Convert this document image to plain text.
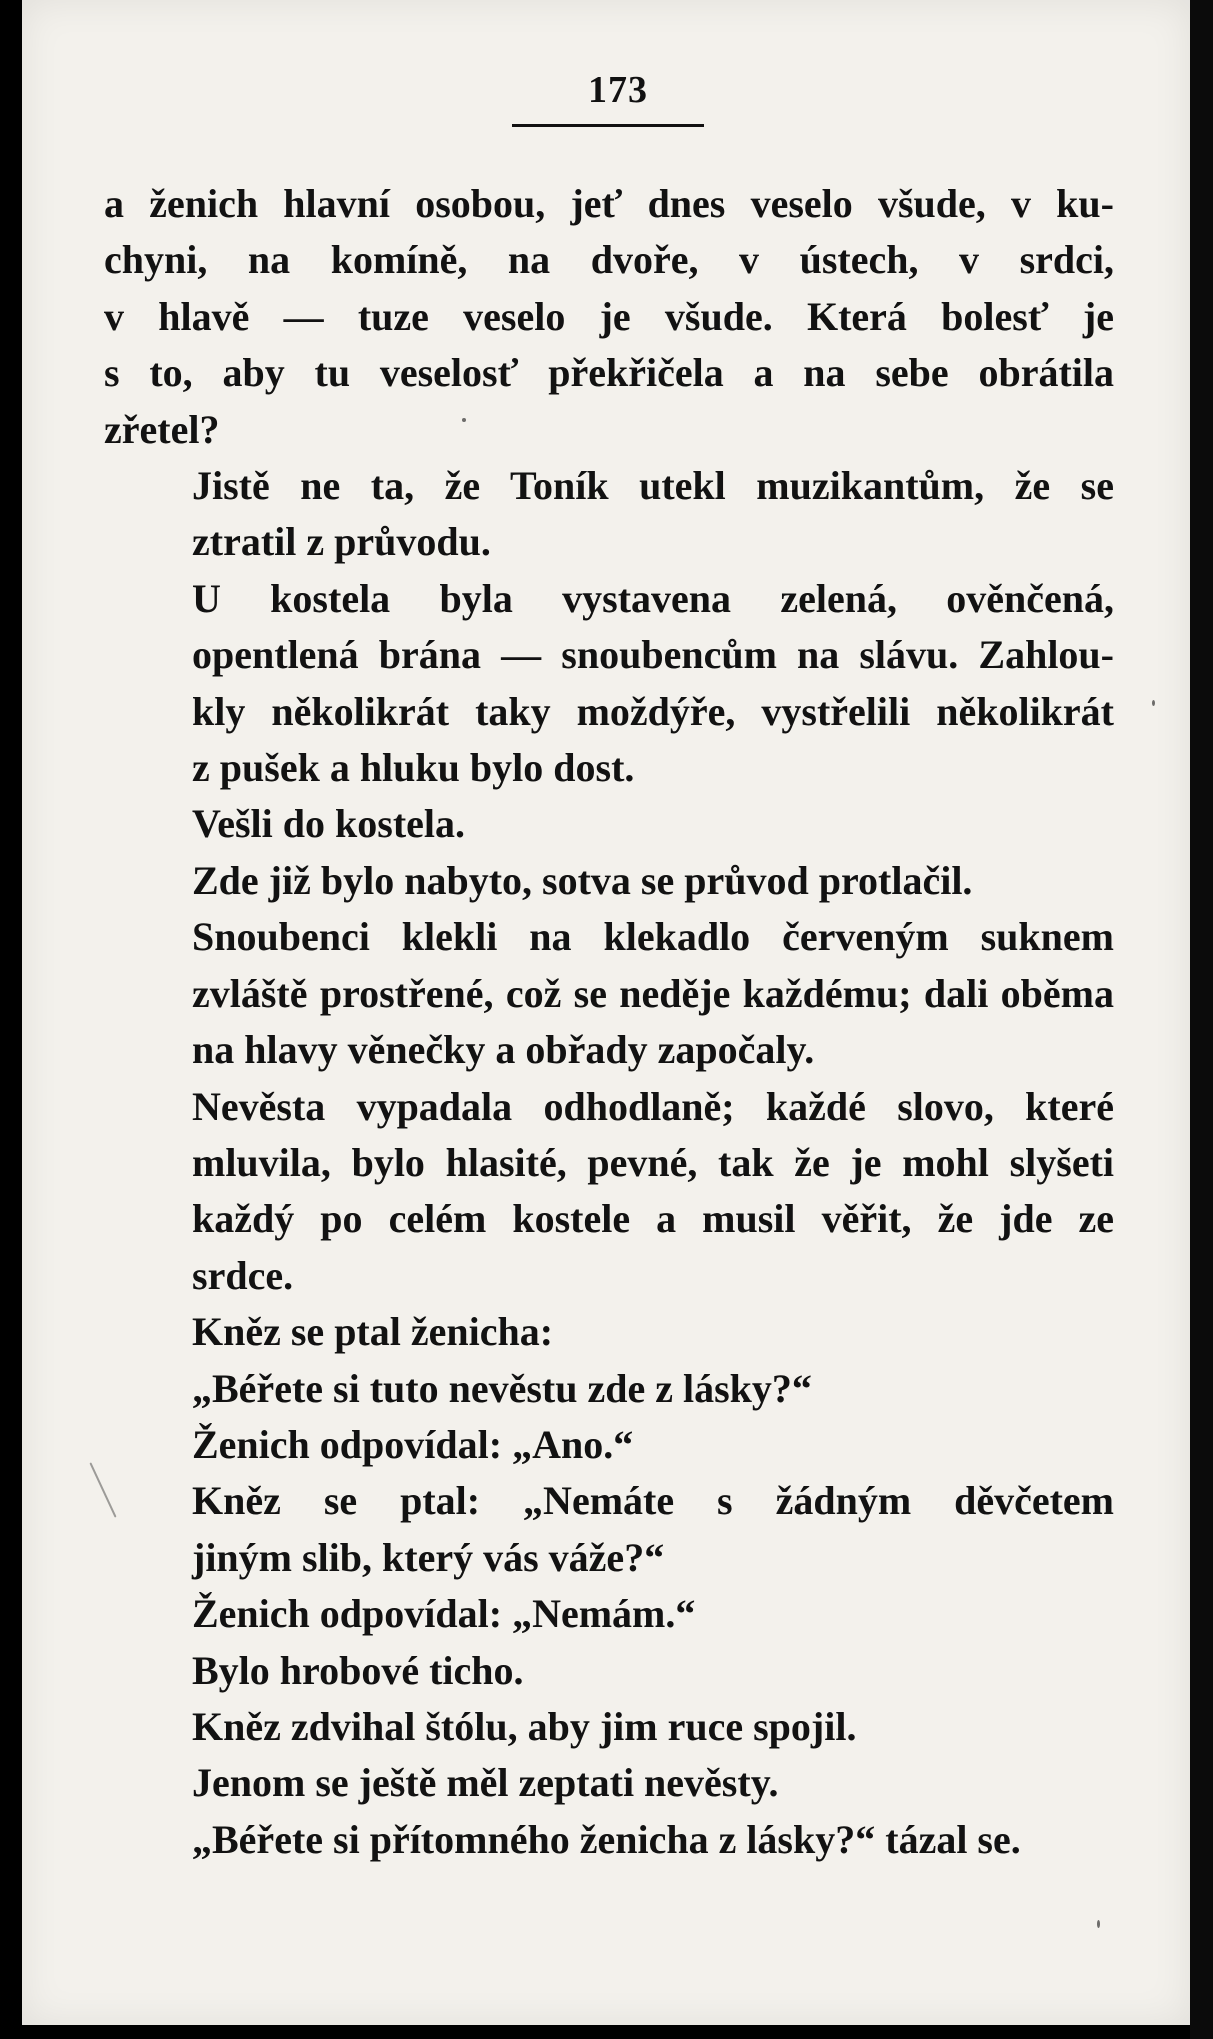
173

a ženich hlavní osobou, jeť dnes veselo všude, v ku-
chyni, na komíně, na dvoře, v ústech, v srdci,
v hlavě — tuze veselo je všude. Která bolesť je
s to, aby tu veselosť překřičela a na sebe obrátila
zřetel?

Jistě ne ta, že Toník utekl muzikantům, že se
ztratil z průvodu.

U kostela byla vystavena zelená, ověnčená,
opentlená brána — snoubencům na slávu. Zahlou-
kly několikrát taky moždýře, vystřelili několikrát
z pušek a hluku bylo dost.

Vešli do kostela.

Zde již bylo nabyto, sotva se průvod protlačil.

Snoubenci klekli na klekadlo červeným suknem
zvláště prostřené, což se neděje každému; dali oběma
na hlavy věnečky a obřady započaly.

Nevěsta vypadala odhodlaně; každé slovo, které
mluvila, bylo hlasité, pevné, tak že je mohl slyšeti
každý po celém kostele a musil věřit, že jde ze
srdce.

Kněz se ptal ženicha:

„Béřete si tuto nevěstu zde z lásky?“

Ženich odpovídal: „Ano.“

Kněz se ptal: „Nemáte s žádným děvčetem
jiným slib, který vás váže?“

Ženich odpovídal: „Nemám.“

Bylo hrobové ticho.

Kněz zdvihal štólu, aby jim ruce spojil.

Jenom se ještě měl zeptati nevěsty.

„Béřete si přítomného ženicha z lásky?“ tázal se.
